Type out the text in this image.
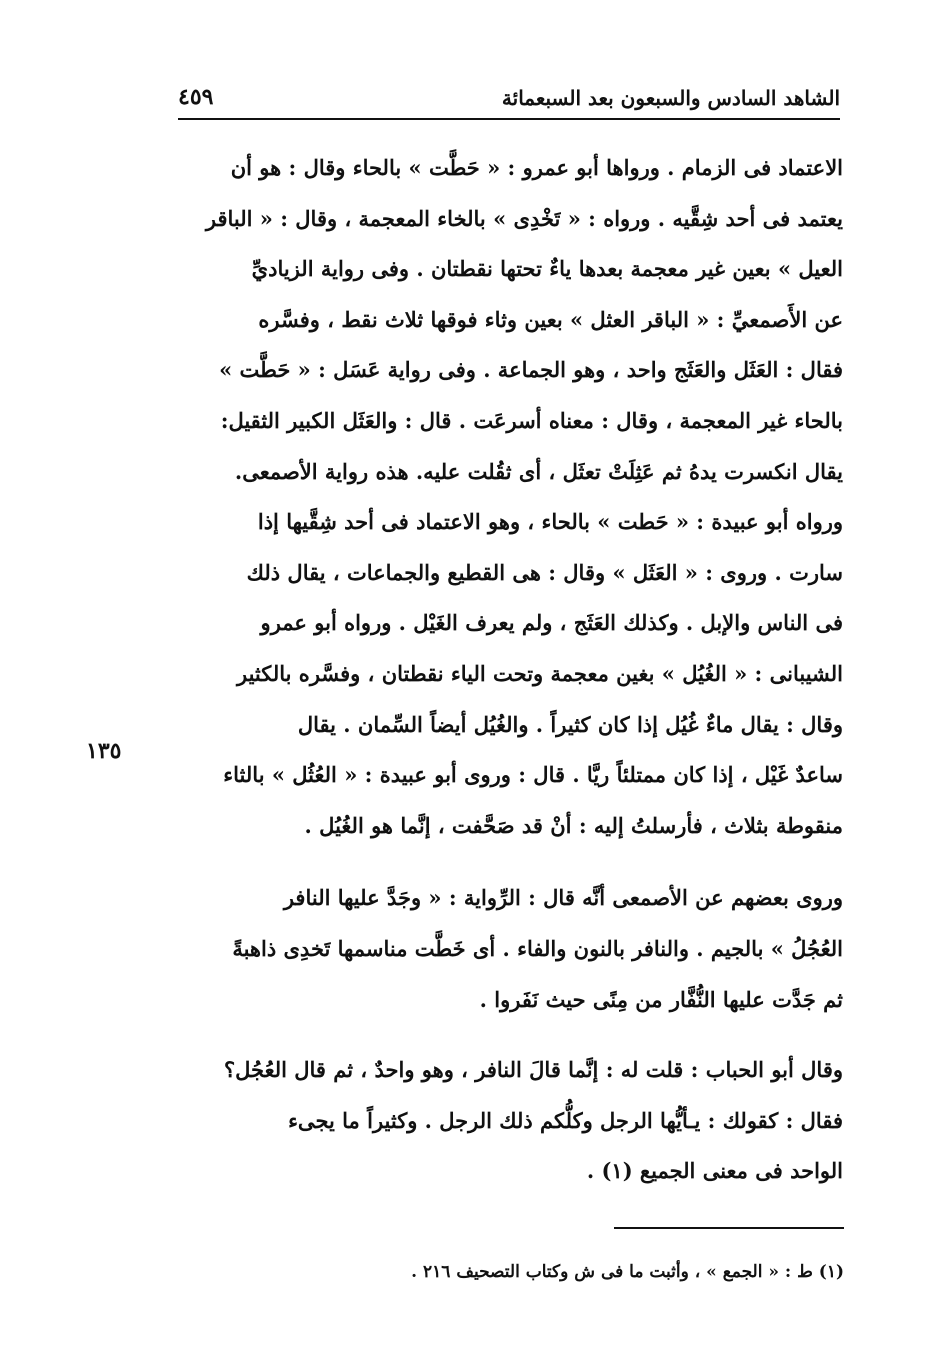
الشاهد السادس والسبعون بعد السبعمائة
٤٥٩
١٣٥
الاعتماد فى الزمام . ورواها أبو عمرو : « حَطَّت » بالحاء وقال : هو أن
يعتمد فى أحد شِقَّيه . ورواه : « تَخْدِى » بالخاء المعجمة ، وقال : « الباقر
العيل » بعين غير معجمة بعدها ياءٌ تحتها نقطتان . وفى رواية الزياديِّ
عن الأَصمعيِّ : « الباقر العثل » بعين وثاء فوقها ثلاث نقط ، وفسَّره
فقال : العَثَل والعَثَج واحد ، وهو الجماعة . وفى رواية عَسَل : « حَطَّت »
بالحاء غير المعجمة ، وقال : معناه أسرعَت . قال : والعَثَل الكبير الثقيل:
يقال انكسرت يدهُ ثم عَثِلَتْ تعثَل ، أى ثقُلت عليه. هذه رواية الأصمعى.
ورواه أبو عبيدة : « حَطت » بالحاء ، وهو الاعتماد فى أحد شِقَّيها إذا
سارت . وروى : « العَثَل » وقال : هى القطيع والجماعات ، يقال ذلك
فى الناس والإبل . وكذلك العَثَج ، ولم يعرف الغَيْل . ورواه أبو عمرو
الشيبانى : « الغُيُل » بغين معجمة وتحت الياء نقطتان ، وفسَّره بالكثير
وقال : يقال ماءٌ غُيُل إذا كان كثيراً . والغُيُل أيضاً السِّمان . يقال
ساعدٌ غَيْل ، إذا كان ممتلئاً ريَّا . قال : وروى أبو عبيدة : « العُثُل » بالثاء
منقوطة بثلاث ، فأرسلتُ إليه : أنْ قد صَحَّفت ، إنَّما هو الغُيُل .
وروى بعضهم عن الأصمعى أنَّه قال : الرِّواية : « وجَدَّ عليها النافر
العُجُلُ » بالجيم . والنافر بالنون والفاء . أى خَطَّت مناسمها تَخدِى ذاهبةً
ثم جَدَّت عليها النُّفَّار من مِنًى حيث نَفَروا .
وقال أبو الحباب : قلت له : إنَّما قالَ النافر ، وهو واحدٌ ، ثم قال العُجُل؟
فقال : كقولك : يـأيُّها الرجل وكلُّكم ذلك الرجل . وكثيراً ما يجىء
الواحد فى معنى الجميع (١) .
(١) ط : « الجمع » ، وأثبت ما فى ش وكتاب التصحيف ٢١٦ .
